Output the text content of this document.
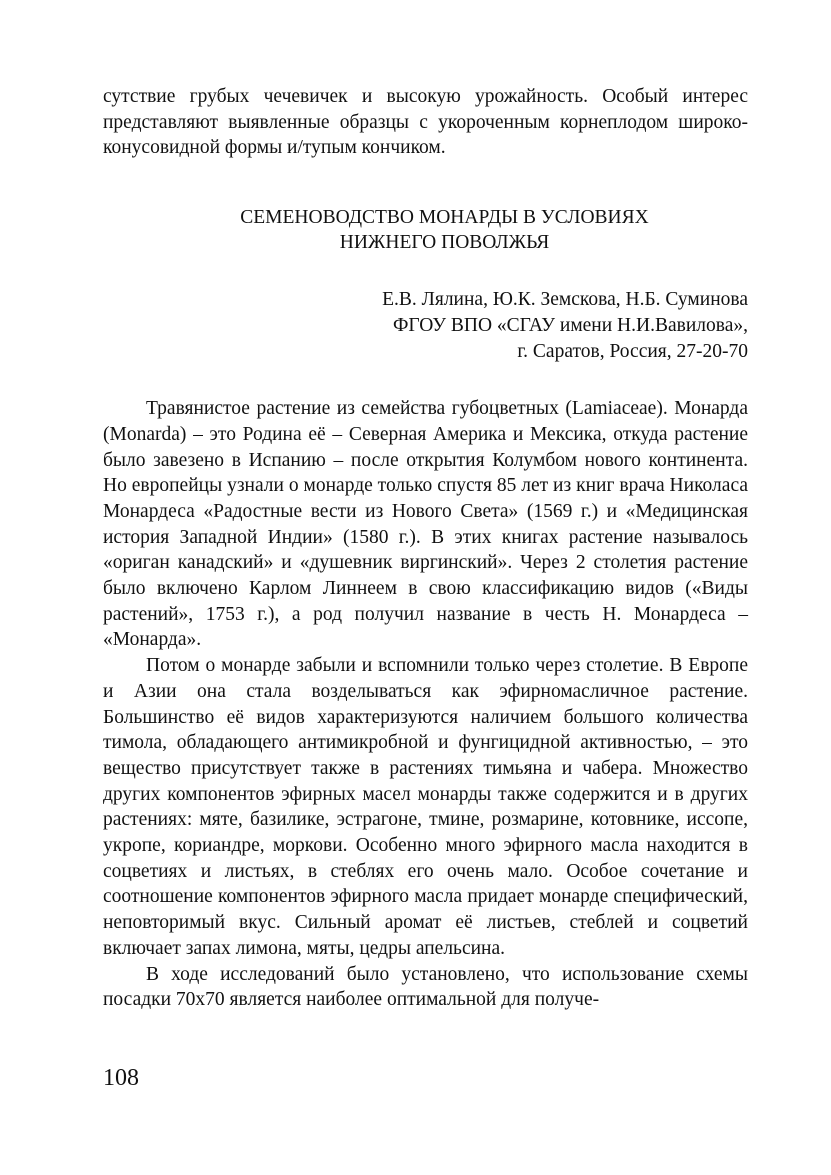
сутствие грубых чечевичек и высокую урожайность. Особый интерес представляют выявленные образцы с укороченным корнеплодом широко-конусовидной формы и/тупым кончиком.

СЕМЕНОВОДСТВО МОНАРДЫ В УСЛОВИЯХ
НИЖНЕГО ПОВОЛЖЬЯ
Е.В. Лялина, Ю.К. Земскова, Н.Б. Суминова
ФГОУ ВПО «СГАУ имени Н.И.Вавилова»,
г. Саратов, Россия, 27-20-70

Травянистое растение из семейства губоцветных (Lamiaceae). Монарда (Monarda) – это Родина её – Северная Америка и Мексика, откуда растение было завезено в Испанию – после открытия Колумбом нового континента. Но европейцы узнали о монарде только спустя 85 лет из книг врача Николаса Монардеса «Радостные вести из Нового Света» (1569 г.) и «Медицинская история Западной Индии» (1580 г.). В этих книгах растение называлось «ориган канадский» и «душевник виргинский». Через 2 столетия растение было включено Карлом Линнеем в свою классификацию видов («Виды растений», 1753 г.), а род получил название в честь Н. Монардеса – «Монарда».

Потом о монарде забыли и вспомнили только через столетие. В Европе и Азии она стала возделываться как эфирномасличное растение. Большинство её видов характеризуются наличием большого количества тимола, обладающего антимикробной и фунгицидной активностью, – это вещество присутствует также в растениях тимьяна и чабера. Множество других компонентов эфирных масел монарды также содержится и в других растениях: мяте, базилике, эстрагоне, тмине, розмарине, котовнике, иссопе, укропе, кориандре, моркови. Особенно много эфирного масла находится в соцветиях и листьях, в стеблях его очень мало. Особое сочетание и соотношение компонентов эфирного масла придает монарде специфический, неповторимый вкус. Сильный аромат её листьев, стеблей и соцветий включает запах лимона, мяты, цедры апельсина.

В ходе исследований было установлено, что использование схемы посадки 70х70 является наиболее оптимальной для получе-

108
